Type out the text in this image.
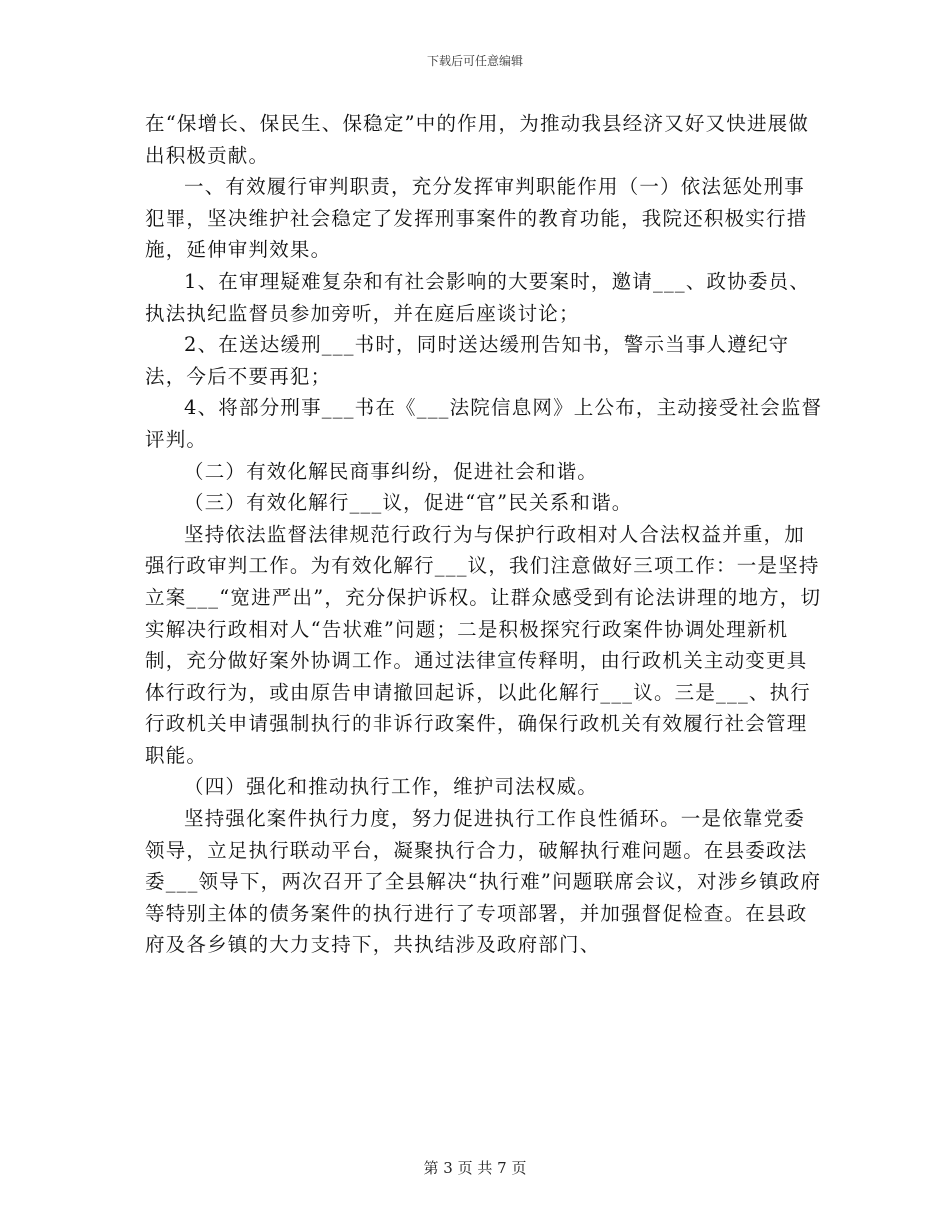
下载后可任意编辑

在“保增长、保民生、保稳定”中的作用，为推动我县经济又好又快进展做出积极贡献。

一、有效履行审判职责，充分发挥审判职能作用（一）依法惩处刑事犯罪，坚决维护社会稳定了发挥刑事案件的教育功能，我院还积极实行措施，延伸审判效果。

1、在审理疑难复杂和有社会影响的大要案时，邀请___、政协委员、执法执纪监督员参加旁听，并在庭后座谈讨论；

2、在送达缓刑___书时，同时送达缓刑告知书，警示当事人遵纪守法，今后不要再犯；

4、将部分刑事___书在《___法院信息网》上公布，主动接受社会监督评判。

（二）有效化解民商事纠纷，促进社会和谐。

（三）有效化解行___议，促进“官”民关系和谐。

坚持依法监督法律规范行政行为与保护行政相对人合法权益并重，加强行政审判工作。为有效化解行___议，我们注意做好三项工作：一是坚持立案___“宽进严出”，充分保护诉权。让群众感受到有论法讲理的地方，切实解决行政相对人“告状难”问题；二是积极探究行政案件协调处理新机制，充分做好案外协调工作。通过法律宣传释明，由行政机关主动变更具体行政行为，或由原告申请撤回起诉，以此化解行___议。三是___、执行行政机关申请强制执行的非诉行政案件，确保行政机关有效履行社会管理职能。

（四）强化和推动执行工作，维护司法权威。

坚持强化案件执行力度，努力促进执行工作良性循环。一是依靠党委领导，立足执行联动平台，凝聚执行合力，破解执行难问题。在县委政法委___领导下，两次召开了全县解决“执行难”问题联席会议，对涉乡镇政府等特别主体的债务案件的执行进行了专项部署，并加强督促检查。在县政府及各乡镇的大力支持下，共执结涉及政府部门、

第 3 页 共 7 页
